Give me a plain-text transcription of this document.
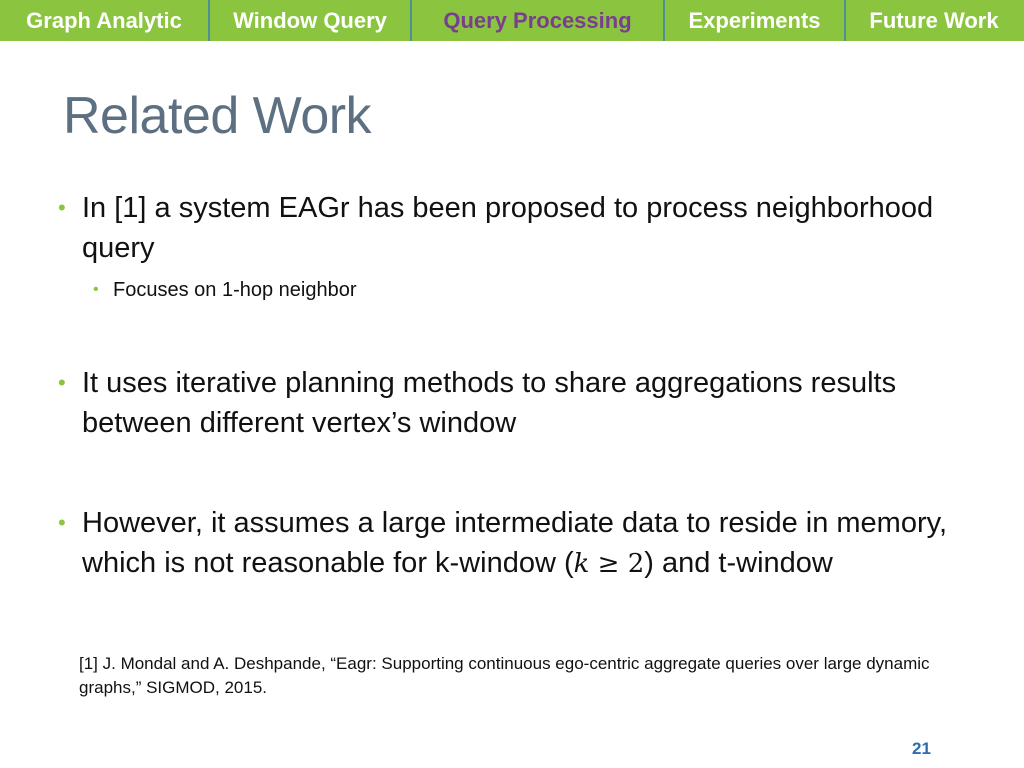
Graph Analytic	Window Query	Query Processing	Experiments	Future Work
Related Work
• In [1] a system EAGr has been proposed to process neighborhood query
• Focuses on 1-hop neighbor
• It uses iterative planning methods to share aggregations results between different vertex’s window
• However, it assumes a large intermediate data to reside in memory, which is not reasonable for k-window (k ≥ 2) and t-window
[1] J. Mondal and A. Deshpande, “Eagr: Supporting continuous ego-centric aggregate queries over large dynamic graphs,” SIGMOD, 2015.
21
